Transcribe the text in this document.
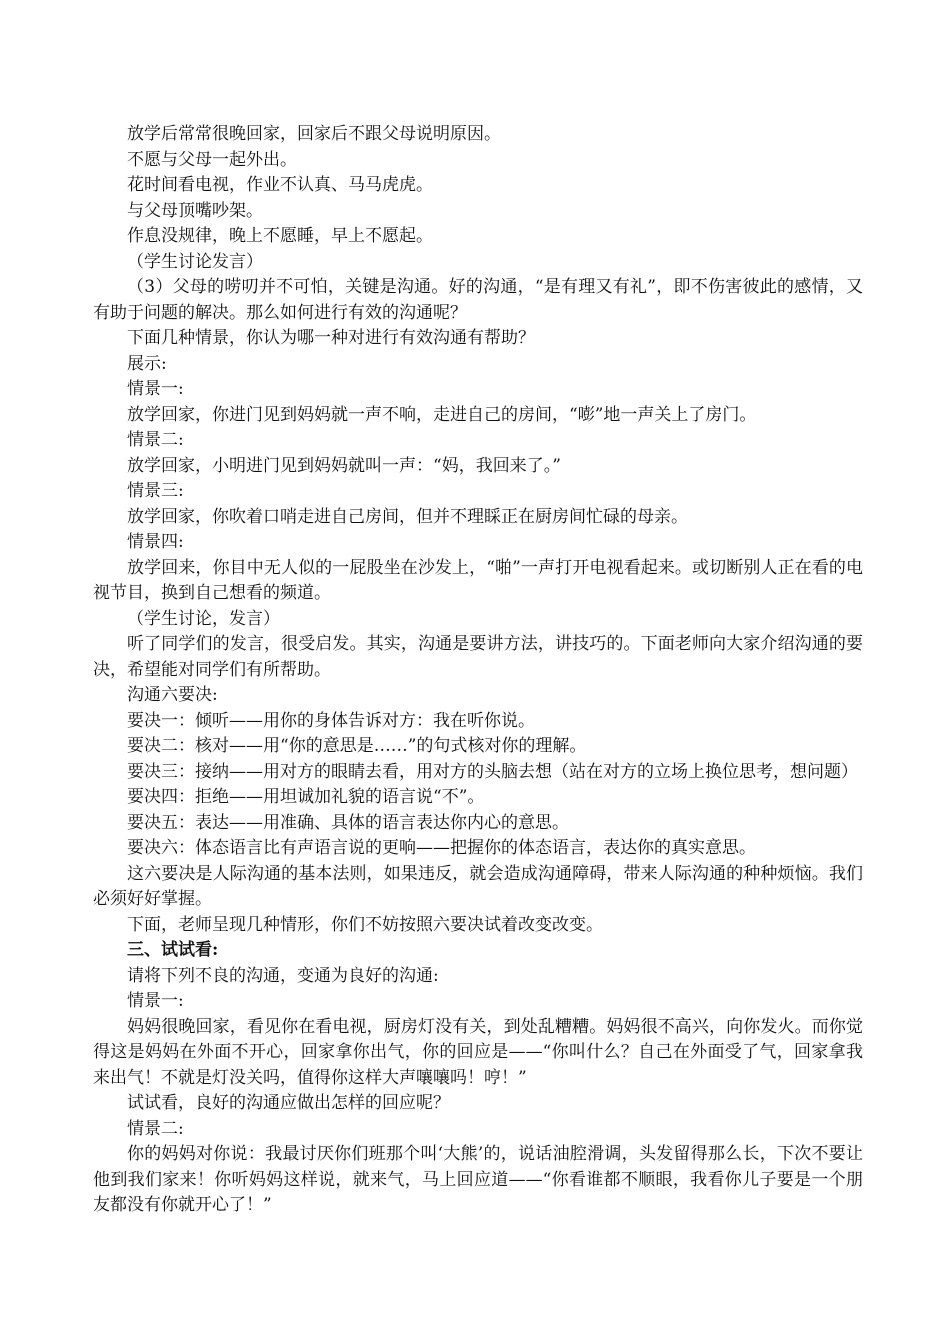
放学后常常很晚回家，回家后不跟父母说明原因。

不愿与父母一起外出。

花时间看电视，作业不认真、马马虎虎。

与父母顶嘴吵架。

作息没规律，晚上不愿睡，早上不愿起。

（学生讨论发言）

（3）父母的唠叨并不可怕，关键是沟通。好的沟通，“是有理又有礼”，即不伤害彼此的感情，又有助于问题的解决。那么如何进行有效的沟通呢？

下面几种情景，你认为哪一种对进行有效沟通有帮助？

展示:

情景一:

放学回家，你进门见到妈妈就一声不响，走进自己的房间，“嘭”地一声关上了房门。

情景二:

放学回家，小明进门见到妈妈就叫一声：“妈，我回来了。”

情景三:

放学回家，你吹着口哨走进自己房间，但并不理睬正在厨房间忙碌的母亲。

情景四:

放学回来，你目中无人似的一屁股坐在沙发上，“啪”一声打开电视看起来。或切断别人正在看的电视节目，换到自己想看的频道。

（学生讨论，发言）

听了同学们的发言，很受启发。其实，沟通是要讲方法，讲技巧的。下面老师向大家介绍沟通的要决，希望能对同学们有所帮助。

沟通六要决:

要决一：倾听——用你的身体告诉对方：我在听你说。

要决二：核对——用“你的意思是……”的句式核对你的理解。

要决三：接纳——用对方的眼睛去看，用对方的头脑去想（站在对方的立场上换位思考，想问题）

要决四：拒绝——用坦诚加礼貌的语言说“不”。

要决五：表达——用准确、具体的语言表达你内心的意思。

要决六：体态语言比有声语言说的更响——把握你的体态语言，表达你的真实意思。

这六要决是人际沟通的基本法则，如果违反，就会造成沟通障碍，带来人际沟通的种种烦恼。我们必须好好掌握。

下面，老师呈现几种情形，你们不妨按照六要决试着改变改变。

三、试试看:

请将下列不良的沟通，变通为良好的沟通:

情景一:

妈妈很晚回家，看见你在看电视，厨房灯没有关，到处乱糟糟。妈妈很不高兴，向你发火。而你觉得这是妈妈在外面不开心，回家拿你出气，你的回应是——“你叫什么？自己在外面受了气，回家拿我来出气！不就是灯没关吗，值得你这样大声嚷嚷吗！哼！”

试试看，良好的沟通应做出怎样的回应呢？

情景二:

你的妈妈对你说：我最讨厌你们班那个叫‘大熊’的，说话油腔滑调，头发留得那么长，下次不要让他到我们家来！你听妈妈这样说，就来气，马上回应道——“你看谁都不顺眼，我看你儿子要是一个朋友都没有你就开心了！”
